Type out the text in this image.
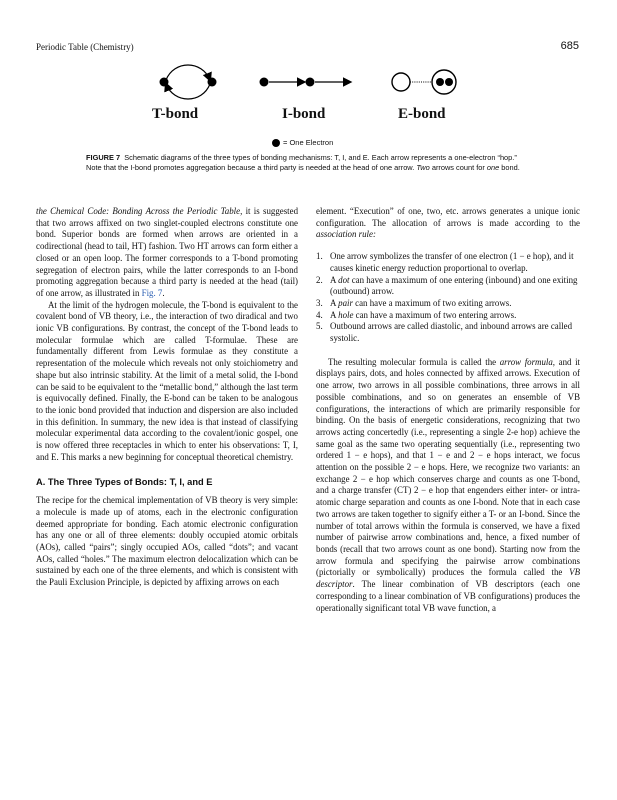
Periodic Table (Chemistry)	685
T-bond	I-bond	E-bond
= One Electron
FIGURE 7 Schematic diagrams of the three types of bonding mechanisms: T, I, and E. Each arrow represents a one-electron “hop.” Note that the I-bond promotes aggregation because a third party is needed at the head of one arrow. Two arrows count for one bond.

the Chemical Code: Bonding Across the Periodic Table, it is suggested that two arrows affixed on two singlet-coupled electrons constitute one bond. Superior bonds are formed when arrows are oriented in a codirectional (head to tail, HT) fashion. Two HT arrows can form either a closed or an open loop. The former corresponds to a T-bond promoting segregation of electron pairs, while the latter corresponds to an I-bond promoting aggregation because a third party is needed at the head (tail) of one arrow, as illustrated in Fig. 7.

At the limit of the hydrogen molecule, the T-bond is equivalent to the covalent bond of VB theory, i.e., the interaction of two diradical and two ionic VB configurations. By contrast, the concept of the T-bond leads to molecular formulae which are called T-formulae. These are fundamentally different from Lewis formulae as they constitute a representation of the molecule which reveals not only stoichiometry and shape but also intrinsic stability. At the limit of a metal solid, the I-bond can be said to be equivalent to the “metallic bond,” although the last term is equivocally defined. Finally, the E-bond can be taken to be analogous to the ionic bond provided that induction and dispersion are also included in this definition. In summary, the new idea is that instead of classifying molecular experimental data according to the covalent/ionic gospel, one is now offered three receptacles in which to enter his observations: T, I, and E. This marks a new beginning for conceptual theoretical chemistry.

A. The Three Types of Bonds: T, I, and E

The recipe for the chemical implementation of VB theory is very simple: a molecule is made up of atoms, each in the electronic configuration deemed appropriate for bonding. Each atomic electronic configuration has any one or all of three elements: doubly occupied atomic orbitals (AOs), called “pairs”; singly occupied AOs, called “dots”; and vacant AOs, called “holes.” The maximum electron delocalization which can be sustained by each one of the three elements, and which is consistent with the Pauli Exclusion Principle, is depicted by affixing arrows on each

element. “Execution” of one, two, etc. arrows generates a unique ionic configuration. The allocation of arrows is made according to the association rule:

1. One arrow symbolizes the transfer of one electron (1 − e hop), and it causes kinetic energy reduction proportional to overlap.
2. A dot can have a maximum of one entering (inbound) and one exiting (outbound) arrow.
3. A pair can have a maximum of two exiting arrows.
4. A hole can have a maximum of two entering arrows.
5. Outbound arrows are called diastolic, and inbound arrows are called systolic.

The resulting molecular formula is called the arrow formula, and it displays pairs, dots, and holes connected by affixed arrows. Execution of one arrow, two arrows in all possible combinations, three arrows in all possible combinations, and so on generates an ensemble of VB configurations, the interactions of which are primarily responsible for binding. On the basis of energetic considerations, recognizing that two arrows acting concertedly (i.e., representing a single 2-e hop) achieve the same goal as the same two operating sequentially (i.e., representing two ordered 1 − e hops), and that 1 − e and 2 − e hops interact, we focus attention on the possible 2 − e hops. Here, we recognize two variants: an exchange 2 − e hop which conserves charge and counts as one T-bond, and a charge transfer (CT) 2 − e hop that engenders either inter- or intra-atomic charge separation and counts as one I-bond. Note that in each case two arrows are taken together to signify either a T- or an I-bond. Since the number of total arrows within the formula is conserved, we have a fixed number of pairwise arrow combinations and, hence, a fixed number of bonds (recall that two arrows count as one bond). Starting now from the arrow formula and specifying the pairwise arrow combinations (pictorially or symbolically) produces the formula called the VB descriptor. The linear combination of VB descriptors (each one corresponding to a linear combination of VB configurations) produces the operationally significant total VB wave function, a
